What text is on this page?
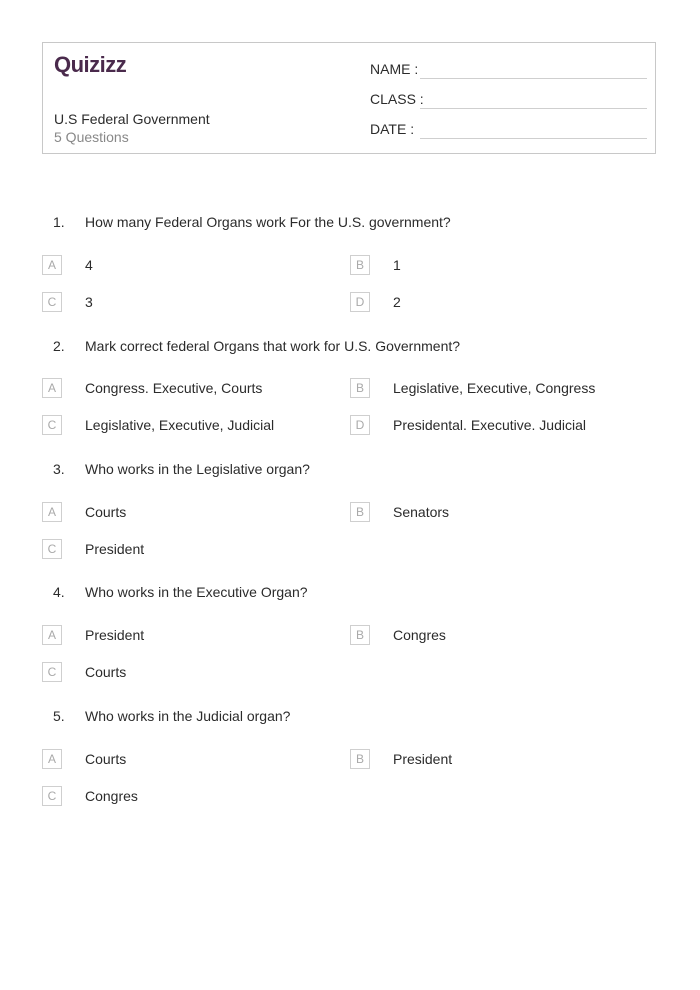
Quizizz
U.S Federal Government
5 Questions
NAME :
CLASS :
DATE :
1. How many Federal Organs work For the U.S. government?
A	4	B	1
C	3	D	2
2. Mark correct federal Organs that work for U.S. Government?
A	Congress. Executive, Courts	B	Legislative, Executive, Congress
C	Legislative, Executive, Judicial	D	Presidental. Executive. Judicial
3. Who works in the Legislative organ?
A	Courts	B	Senators
C	President
4. Who works in the Executive Organ?
A	President	B	Congres
C	Courts
5. Who works in the Judicial organ?
A	Courts	B	President
C	Congres
